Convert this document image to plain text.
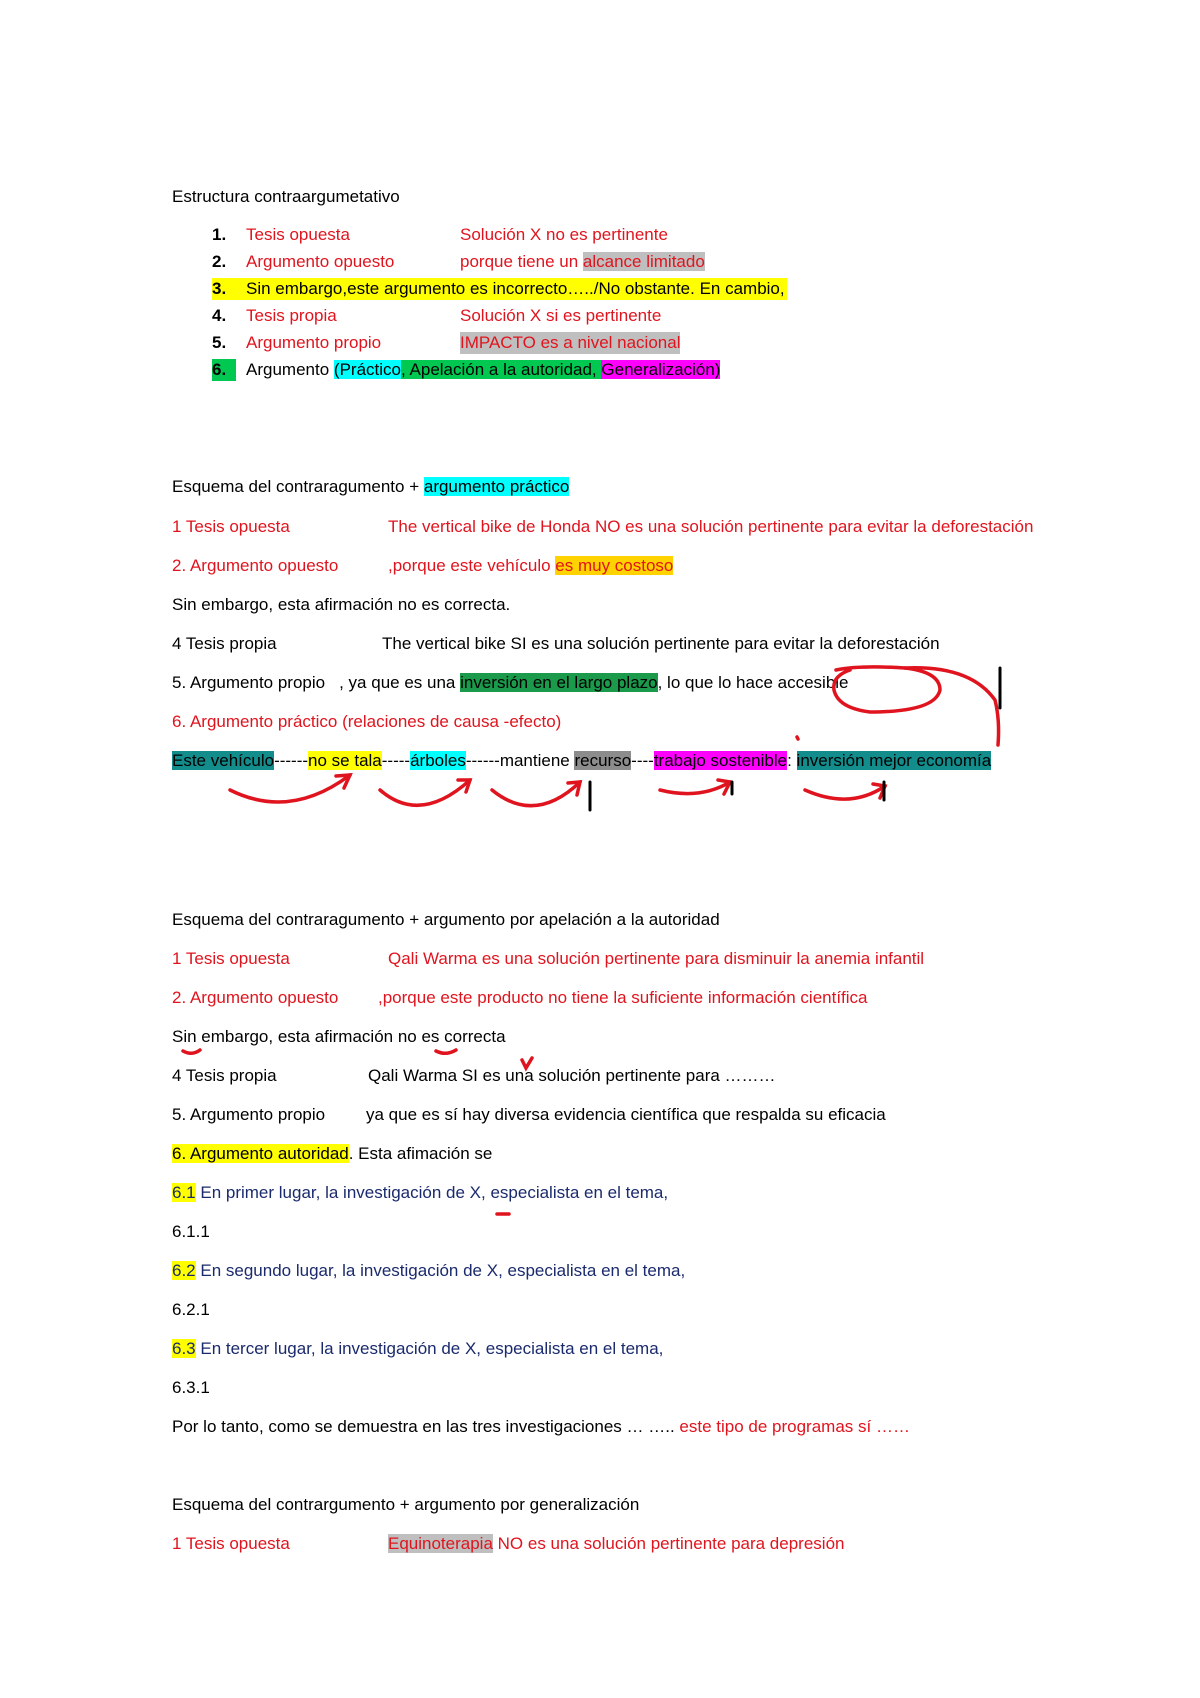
Estructura contraargumetativo
1. Tesis opuesta	Solución X no es pertinente
2. Argumento opuesto	porque tiene un alcance limitado
3. Sin embargo,este argumento es incorrecto…../No obstante. En cambio,
4. Tesis propia	Solución X si es pertinente
5. Argumento propio	IMPACTO es a nivel nacional
6. Argumento (Práctico, Apelación a la autoridad, Generalización)
Esquema del contraragumento + argumento práctico
1 Tesis opuesta	The vertical bike de Honda NO es una solución pertinente para evitar la deforestación
2. Argumento opuesto	,porque este vehículo es muy costoso
Sin embargo, esta afirmación no es correcta.
4 Tesis propia	The vertical bike SI es una solución pertinente para evitar la deforestación
5. Argumento propio , ya que es una inversión en el largo plazo, lo que lo hace accesible
6. Argumento práctico (relaciones de causa -efecto)
Este vehículo------no se tala-----árboles------mantiene recurso----trabajo sostenible: inversión mejor economía
Esquema del contraragumento + argumento por apelación a la autoridad
1 Tesis opuesta	Qali Warma es una solución pertinente para disminuir la anemia infantil
2. Argumento opuesto ,porque este producto no tiene la suficiente información científica
Sin embargo, esta afirmación no es correcta
4 Tesis propia	Qali Warma SI es una solución pertinente para ………
5. Argumento propio ya que es sí hay diversa evidencia científica que respalda su eficacia
6. Argumento autoridad. Esta afimación se
6.1 En primer lugar, la investigación de X, especialista en el tema,
6.1.1
6.2 En segundo lugar, la investigación de X, especialista en el tema,
6.2.1
6.3 En tercer lugar, la investigación de X, especialista en el tema,
6.3.1
Por lo tanto, como se demuestra en las tres investigaciones … ….. este tipo de programas sí ……
Esquema del contrargumento + argumento por generalización
1 Tesis opuesta	Equinoterapia NO es una solución pertinente para depresión
